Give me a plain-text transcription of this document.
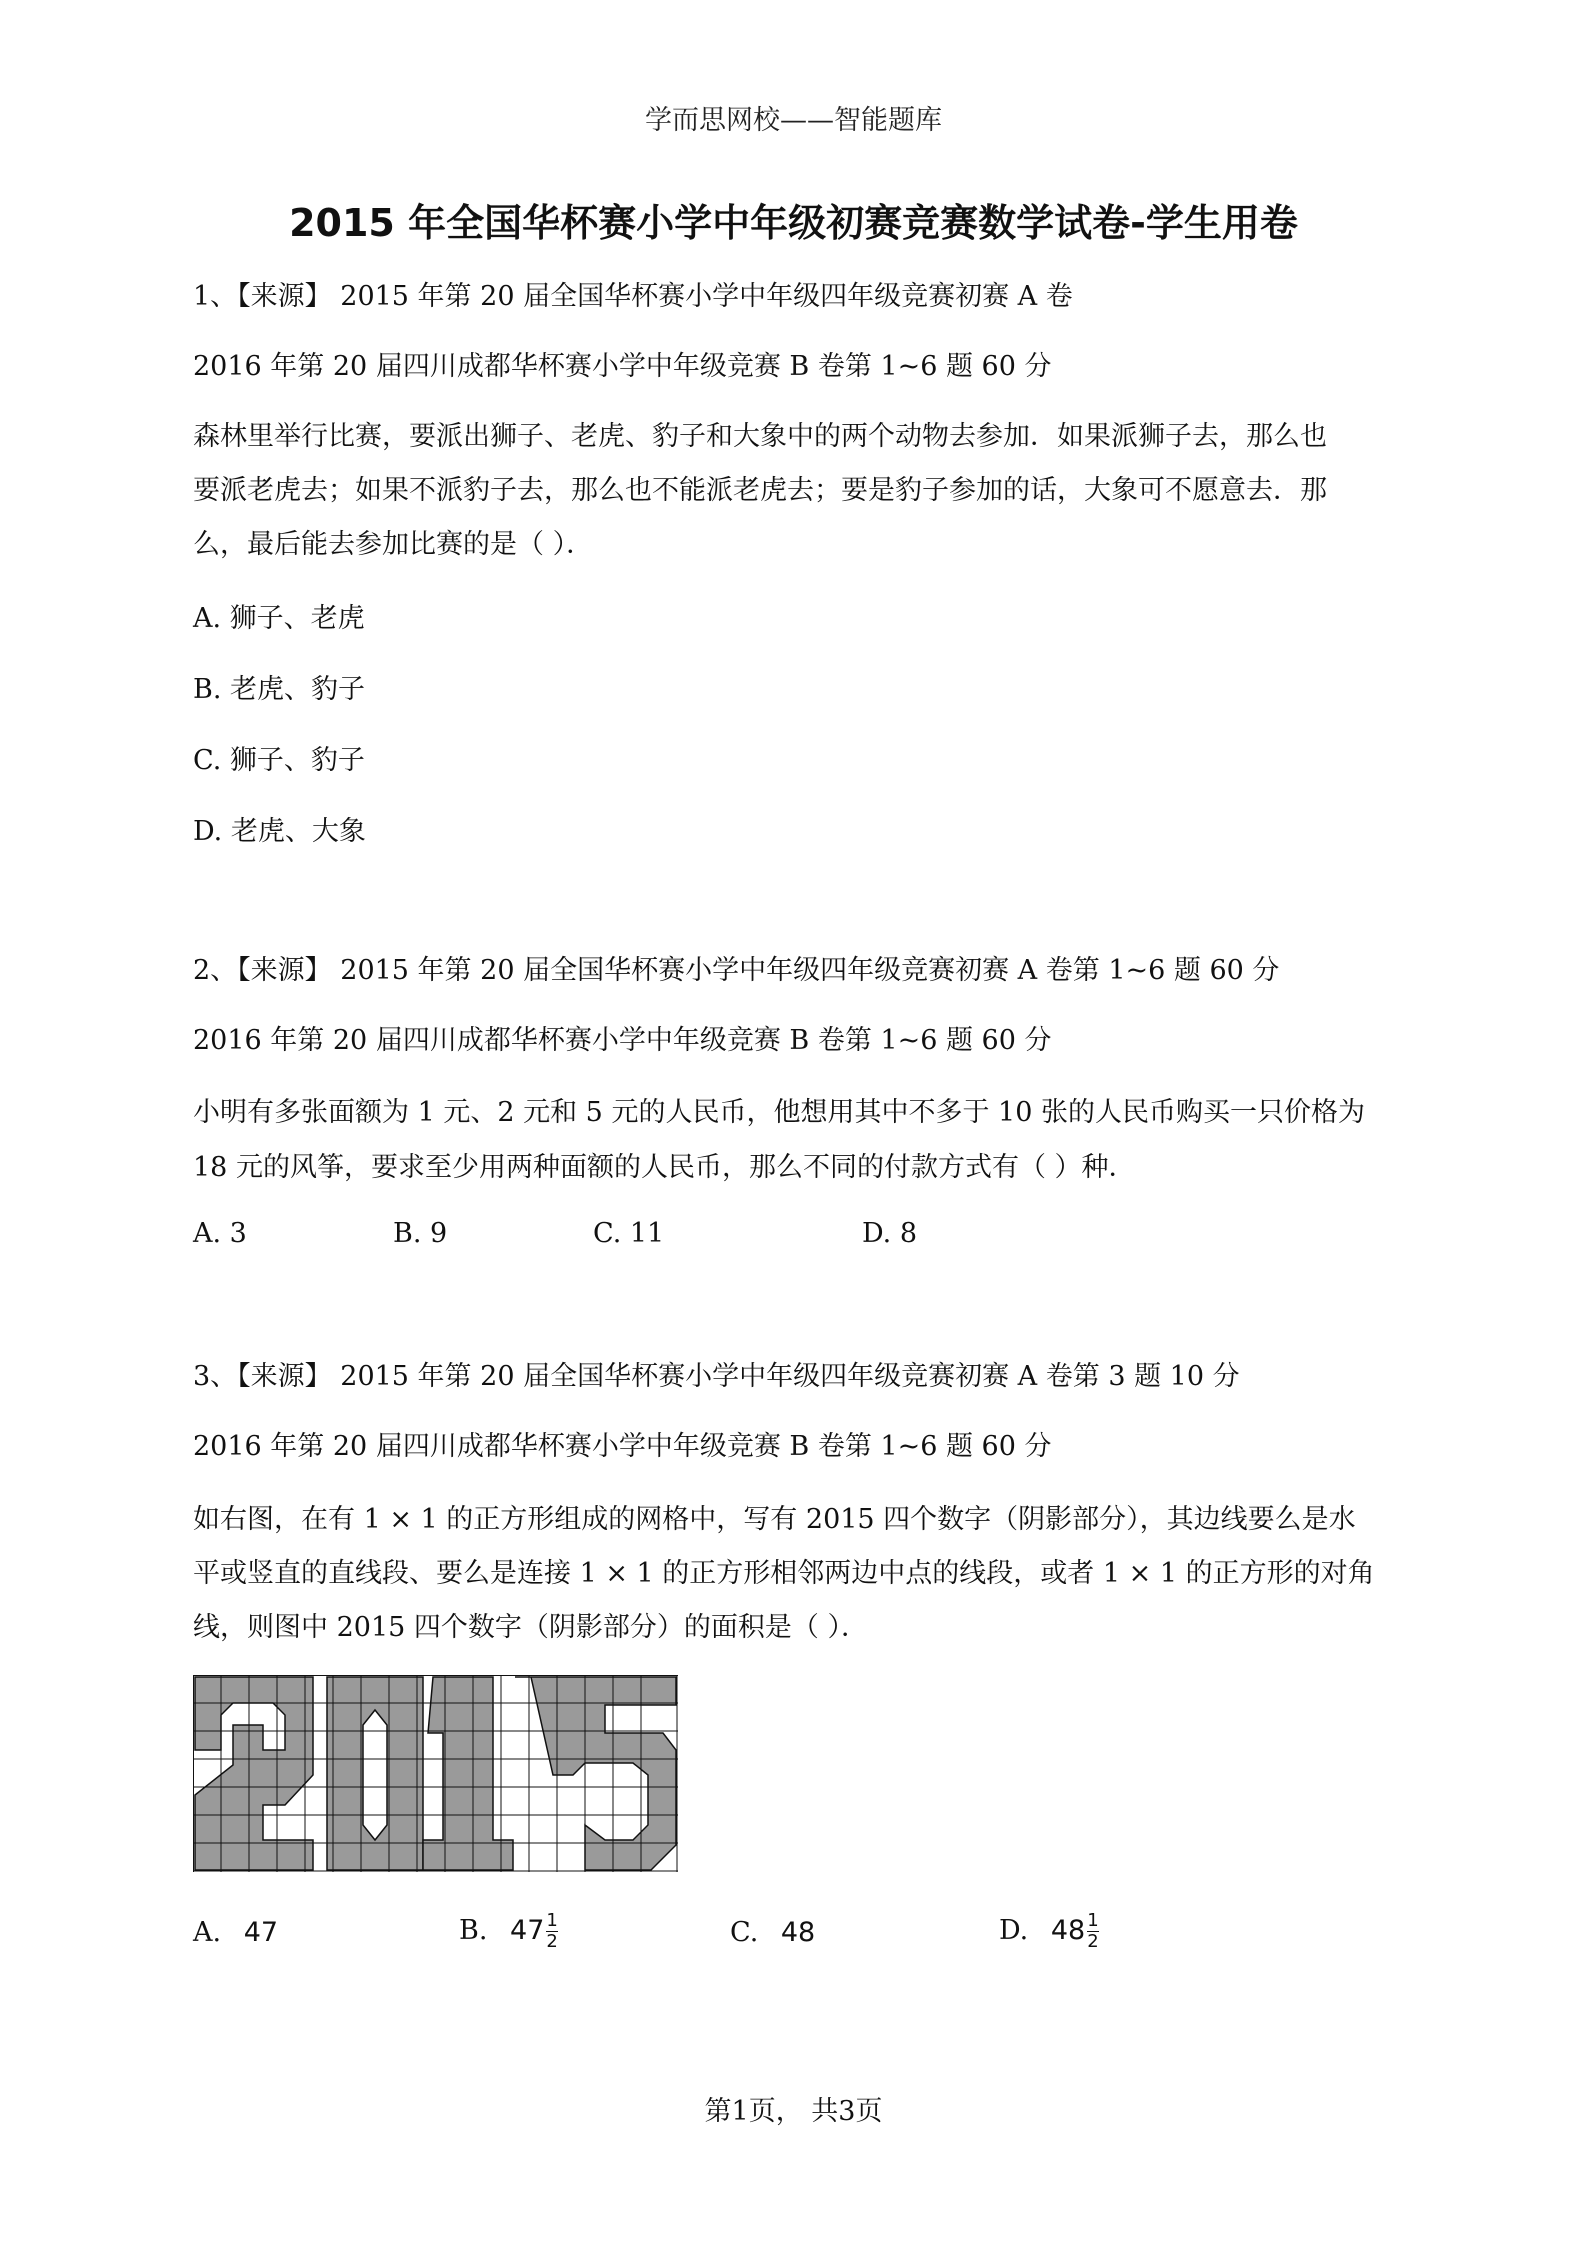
学而思网校——智能题库
2015 年全国华杯赛小学中年级初赛竞赛数学试卷-学生用卷
1、【来源】 2015 年第 20 届全国华杯赛小学中年级四年级竞赛初赛 A 卷
2016 年第 20 届四川成都华杯赛小学中年级竞赛 B 卷第 1~6 题 60 分
森林里举行比赛，要派出狮子、老虎、豹子和大象中的两个动物去参加．如果派狮子去，那么也
要派老虎去；如果不派豹子去，那么也不能派老虎去；要是豹子参加的话，大象可不愿意去．那
么，最后能去参加比赛的是（ ）．
A. 狮子、老虎
B. 老虎、豹子
C. 狮子、豹子
D. 老虎、大象
2、【来源】 2015 年第 20 届全国华杯赛小学中年级四年级竞赛初赛 A 卷第 1~6 题 60 分
2016 年第 20 届四川成都华杯赛小学中年级竞赛 B 卷第 1~6 题 60 分
小明有多张面额为 1 元、2 元和 5 元的人民币，他想用其中不多于 10 张的人民币购买一只价格为
18 元的风筝，要求至少用两种面额的人民币，那么不同的付款方式有（ ）种．
A. 3	B. 9	C. 11	D. 8
3、【来源】 2015 年第 20 届全国华杯赛小学中年级四年级竞赛初赛 A 卷第 3 题 10 分
2016 年第 20 届四川成都华杯赛小学中年级竞赛 B 卷第 1~6 题 60 分
如右图，在有 1 × 1 的正方形组成的网格中，写有 2015 四个数字（阴影部分），其边线要么是水
平或竖直的直线段、要么是连接 1 × 1 的正方形相邻两边中点的线段，或者 1 × 1 的正方形的对角
线，则图中 2015 四个数字（阴影部分）的面积是（ ）．
A. 47	B. $47 \frac{1}{2}$	C. 48	D. $48 \frac{1}{2}$
第1页， 共3页
